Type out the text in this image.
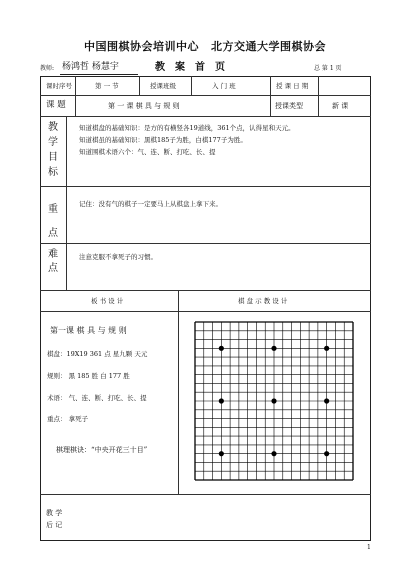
中国围棋协会培训中心 北方交通大学围棋协会
教师: 杨鸿哲 杨慧宇	教案首页	总 第 1 页
课时序号	第 一 节	授课班级	入 门 班	授 课 日 期
课 题	第 一 课 棋 具 与 规 则	授课类型	新 课
教
学
目
标
知道棋盘的基础知识：是方的有横竖各19道线，361个点，认得星和天元。
知道棋虽的基础知识：黑棋185子为胜，白棋177子为胜。
知道围棋术语六个：气、连、断、打吃、长、提
重
点
记住：没有气的棋子一定要马上从棋盘上拿下来。
难
点
注意克服不拿死子的习惯。
板 书 设 计	棋 盘 示 教 设 计
第一课 棋 具 与 规 则
棋盘：19X19 361 点 星九颗 天元
规则： 黑 185 胜 白 177 胜
术语： 气、连、断、打吃、长、提
重点： 拿死子
棋理棋诀：“中央开花三十目”
教 学
后 记
1
